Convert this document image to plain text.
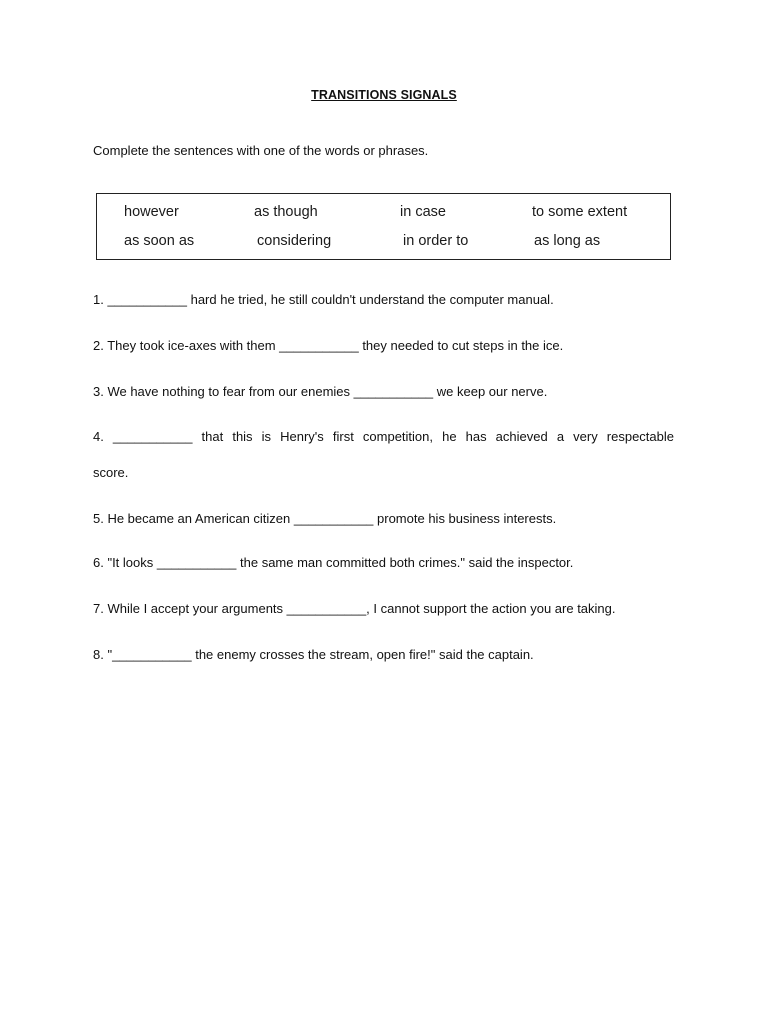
TRANSITIONS SIGNALS
Complete the sentences with one of the words or phrases.
however	as though	in case	to some extent
as soon as	considering	in order to	as long as
1. ___________ hard he tried, he still couldn't understand the computer manual.
2. They took ice-axes with them ___________ they needed to cut steps in the ice.
3. We have nothing to fear from our enemies ___________ we keep our nerve.
4. ___________ that this is Henry's first competition, he has achieved a very respectable
score.
5. He became an American citizen ___________ promote his business interests.
6. "It looks ___________ the same man committed both crimes." said the inspector.
7. While I accept your arguments ___________, I cannot support the action you are taking.
8. "___________ the enemy crosses the stream, open fire!" said the captain.
